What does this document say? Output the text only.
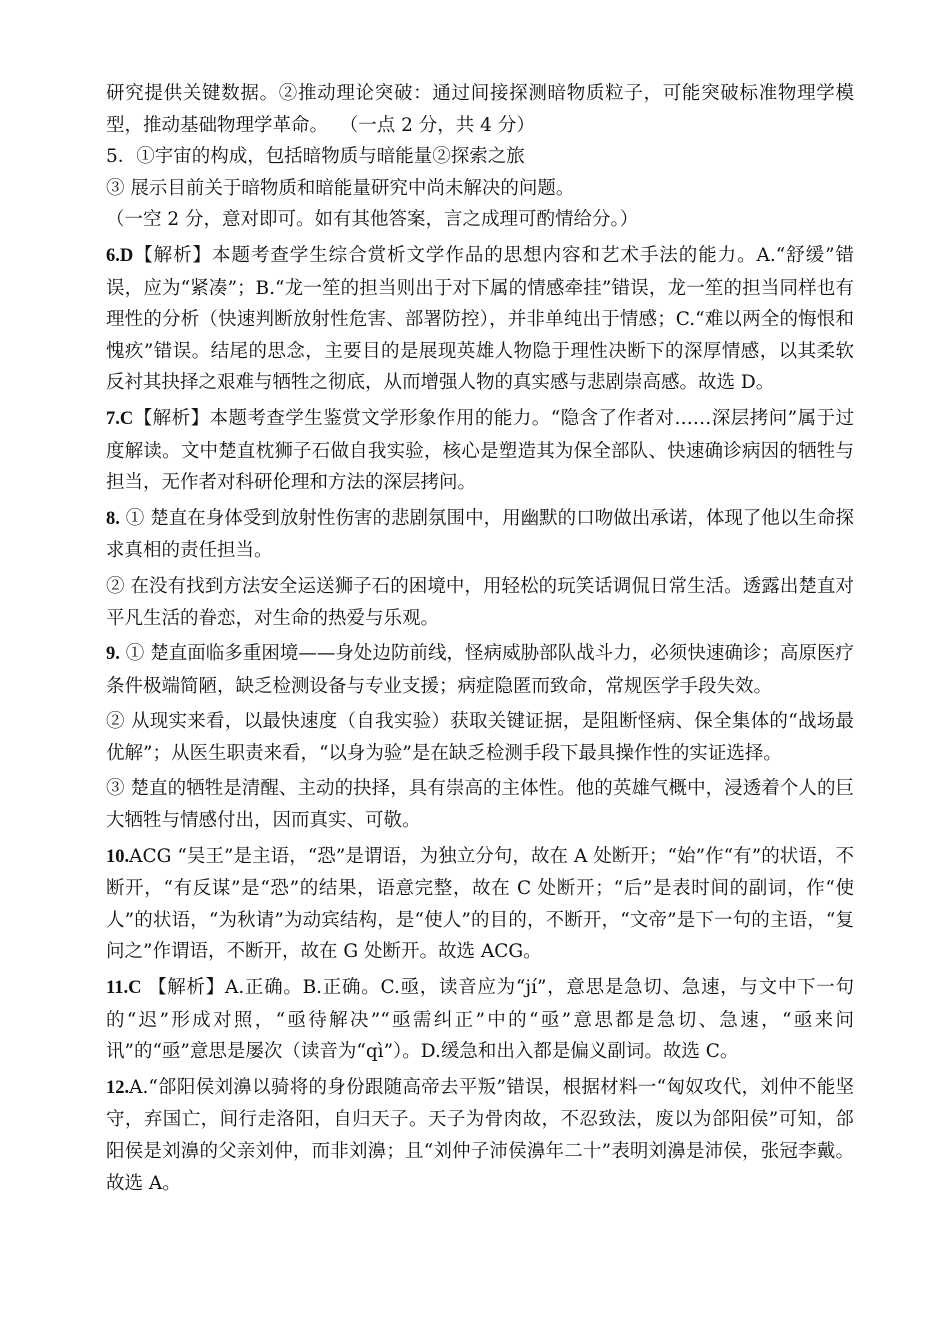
研究提供关键数据。②推动理论突破：通过间接探测暗物质粒子，可能突破标准物理学模型，推动基础物理学革命。  （一点 2 分，共 4 分）

5．①宇宙的构成，包括暗物质与暗能量②探索之旅

③ 展示目前关于暗物质和暗能量研究中尚未解决的问题。

（一空 2 分，意对即可。如有其他答案，言之成理可酌情给分。）

6.D【解析】本题考查学生综合赏析文学作品的思想内容和艺术手法的能力。A.“舒缓”错误，应为“紧凑”；B.“龙一笙的担当则出于对下属的情感牵挂”错误，龙一笙的担当同样也有理性的分析（快速判断放射性危害、部署防控），并非单纯出于情感；C.“难以两全的悔恨和愧疚”错误。结尾的思念，主要目的是展现英雄人物隐于理性决断下的深厚情感，以其柔软反衬其抉择之艰难与牺牲之彻底，从而增强人物的真实感与悲剧崇高感。故选 D。

7.C【解析】本题考查学生鉴赏文学形象作用的能力。“隐含了作者对……深层拷问”属于过度解读。文中楚直枕狮子石做自我实验，核心是塑造其为保全部队、快速确诊病因的牺牲与担当，无作者对科研伦理和方法的深层拷问。

8. ① 楚直在身体受到放射性伤害的悲剧氛围中，用幽默的口吻做出承诺，体现了他以生命探求真相的责任担当。

② 在没有找到方法安全运送狮子石的困境中，用轻松的玩笑话调侃日常生活。透露出楚直对平凡生活的眷恋，对生命的热爱与乐观。

9. ① 楚直面临多重困境——身处边防前线，怪病威胁部队战斗力，必须快速确诊；高原医疗条件极端简陋，缺乏检测设备与专业支援；病症隐匿而致命，常规医学手段失效。

② 从现实来看，以最快速度（自我实验）获取关键证据，是阻断怪病、保全集体的“战场最优解”；从医生职责来看，“以身为验”是在缺乏检测手段下最具操作性的实证选择。

③ 楚直的牺牲是清醒、主动的抉择，具有崇高的主体性。他的英雄气概中，浸透着个人的巨大牺牲与情感付出，因而真实、可敬。

10.ACG “吴王”是主语，“恐”是谓语，为独立分句，故在 A 处断开；“始”作“有”的状语，不断开，“有反谋”是“恐”的结果，语意完整，故在 C 处断开；“后”是表时间的副词，作“使人”的状语，“为秋请”为动宾结构，是“使人”的目的，不断开，“文帝”是下一句的主语，“复问之”作谓语，不断开，故在 G 处断开。故选 ACG。

11.C 【解析】A.正确。B.正确。C.亟，读音应为“jí”，意思是急切、急速，与文中下一句的“迟”形成对照，“亟待解决”“亟需纠正”中的“亟”意思都是急切、急速，“亟来问讯”的“亟”意思是屡次（读音为“qì”）。D.缓急和出入都是偏义副词。故选 C。

12.A.“郃阳侯刘濞以骑将的身份跟随高帝去平叛”错误，根据材料一“匈奴攻代，刘仲不能坚守，弃国亡，间行走洛阳，自归天子。天子为骨肉故，不忍致法，废以为郃阳侯”可知，郃阳侯是刘濞的父亲刘仲，而非刘濞；且“刘仲子沛侯濞年二十”表明刘濞是沛侯，张冠李戴。故选 A。
